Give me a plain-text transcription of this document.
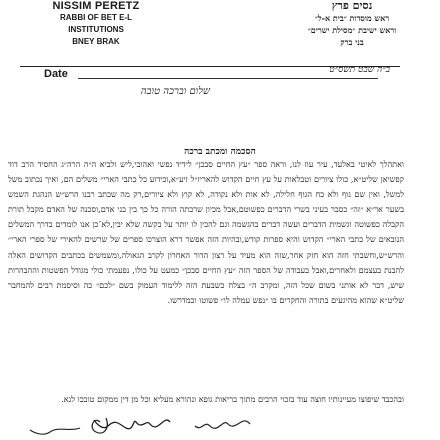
NISSIM PERETZ
RABBI OF BET E-L INSTITUTIONS
BNEY BRAK
נסים פרץ
ראש מוסדות ״בית א-ל״
וראש ישיבת ״מסילת ישרים״
בני ברק
Date	ב״ה שבט תשס״ט
שלום וברכה טובה
הסכמה ומכתב ברכה

ואתהלך לאיטי באלעד, עיר עוז לנו, וראה ספר ״עץ החיים סבכן״ לידיד נפשי ואהובי,ליש ולביא ה״ה הרה״ג החסיד הרב דוד קפשיאן שליט״א, כולו ציורים וטבלאות על עץ חיים הקדוש להאריז״ל זיע״א,וכידוע כל כתבי הארי״ משלים הם, ואיך נכתוב משל למשל, ואין שם גוף ולא כח הגוף חלילה, לא אות ולא נקודה, לא קוץ ולא ציורים,רק מה שכתב רבנו הרש״ש הנהגת השמש בשער אר״א ״זה״ כסבר בעיני בשרי הדברים כפשוטם,אבל מכיון שרבתה הורה כל כך בין בני אדם,וסכנה של האדם מקבל תורת הקבלה כפשוטה וגשמית הדברים ועשה דברים בהגשמה וגם להכין לו יותר על בקשה שלא יבין,לא־כן אנו לומדים בדרך המשלים הנובאים של כתבי הארי״ הקדוש והיא ספרות קודש,ובהיות הזה אפשר דרא הוצרכו ספרים של שרשים להאירי של ספרי הארי״ והרש״ש,וחשבתי חזה הוא חזק אחר,שזה הוא מעיד על רצון הדור האחרון לקרב הגאולה,ומשמשים בכתבים הקדושים האלה להבנת בעצמם ולאחרים,ואבל בעבודה של הספר הזה ״עץ החיים סבכן״ כמעט על כולו, נפעמתי כולי מגודל הפשטות וההבהרות שיש, דבר לא אותני בשום שכל הזה, ומקרב ה״ בצלח כשבעת הזה ללימוד העמוק בשם ״לכם״ כה וסיסמת רבים להמחבר שליט״א שהוא מהיגעים בתורה והחקרים בו ״נפש עמלה לו״ פשוטו וכמדרשו.

ובהכבד שיפוצו מעיינותיו חוצה עוד בזכוי הרבים מתוך בריאות גופא ונהורא מעליא וכל מן דין ממקום טובכו לנא.
